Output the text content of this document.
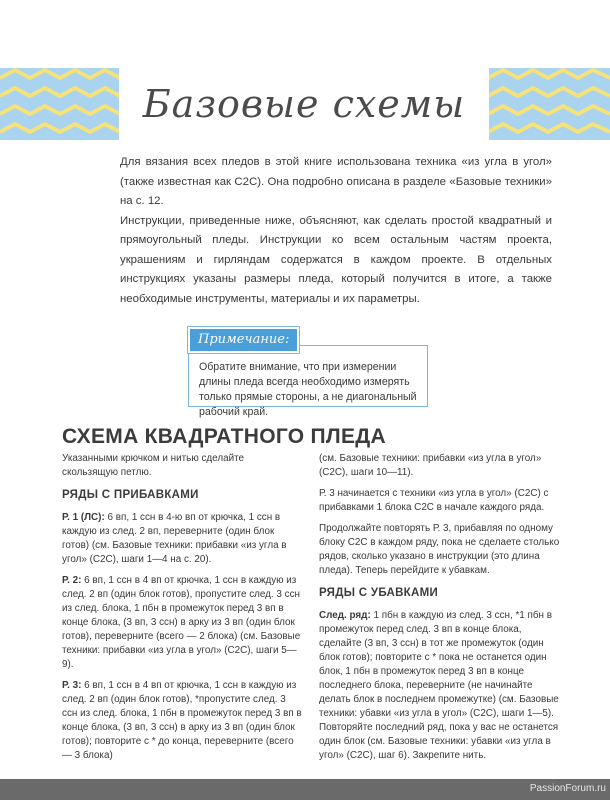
Базовые схемы

Для вязания всех пледов в этой книге использована техника «из угла в угол» (также известная как C2C). Она подробно описана в разделе «Базовые техники» на с. 12.

Инструкции, приведенные ниже, объясняют, как сделать простой квадратный и прямоугольный пледы. Инструкции ко всем остальным частям проекта, украшениям и гирляндам содержатся в каждом проекте. В отдельных инструкциях указаны размеры пледа, который получится в итоге, а также необходимые инструменты, материалы и их параметры.

Обратите внимание, что при измерении длины пледа всегда необходимо измерять только прямые стороны, а не диагональный рабочий край.
Примечание:
СХЕМА КВАДРАТНОГО ПЛЕДА

Указанными крючком и нитью сделайте скользящую петлю.

РЯДЫ С ПРИБАВКАМИ

Р. 1 (ЛС): 6 вп, 1 ссн в 4-ю вп от крючка, 1 ссн в каждую из след. 2 вп, переверните (один блок готов) (см. Базовые техники: прибавки «из угла в угол» (C2C), шаги 1—4 на с. 20).

Р. 2: 6 вп, 1 ссн в 4 вп от крючка, 1 ссн в каждую из след. 2 вп (один блок готов), пропустите след. 3 ссн из след. блока, 1 пбн в промежуток перед 3 вп в конце блока, (3 вп, 3 ссн) в арку из 3 вп (один блок готов), переверните (всего — 2 блока) (см. Базовые техники: прибавки «из угла в угол» (C2C), шаги 5—9).

Р. 3: 6 вп, 1 ссн в 4 вп от крючка, 1 ссн в каждую из след. 2 вп (один блок готов), *пропустите след. 3 ссн из след. блока, 1 пбн в промежуток перед 3 вп в конце блока, (3 вп, 3 ссн) в арку из 3 вп (один блок готов); повторите с * до конца, переверните (всего — 3 блока)

(см. Базовые техники: прибавки «из угла в угол» (C2C), шаги 10—11).

Р. 3 начинается с техники «из угла в угол» (C2C) с прибавками 1 блока C2C в начале каждого ряда.

Продолжайте повторять Р. 3, прибавляя по одному блоку C2C в каждом ряду, пока не сделаете столько рядов, сколько указано в инструкции (это длина пледа). Теперь перейдите к убавкам.

РЯДЫ С УБАВКАМИ

След. ряд: 1 пбн в каждую из след. 3 ссн, *1 пбн в промежуток перед след. 3 вп в конце блока, сделайте (3 вп, 3 ссн) в тот же промежуток (один блок готов); повторите с * пока не останется один блок, 1 пбн в промежуток перед 3 вп в конце последнего блока, переверните (не начинайте делать блок в последнем промежутке) (см. Базовые техники: убавки «из угла в угол» (C2C), шаги 1—5). Повторяйте последний ряд, пока у вас не останется один блок (см. Базовые техники: убавки «из угла в угол» (C2C), шаг 6). Закрепите нить.

PassionForum.ru
